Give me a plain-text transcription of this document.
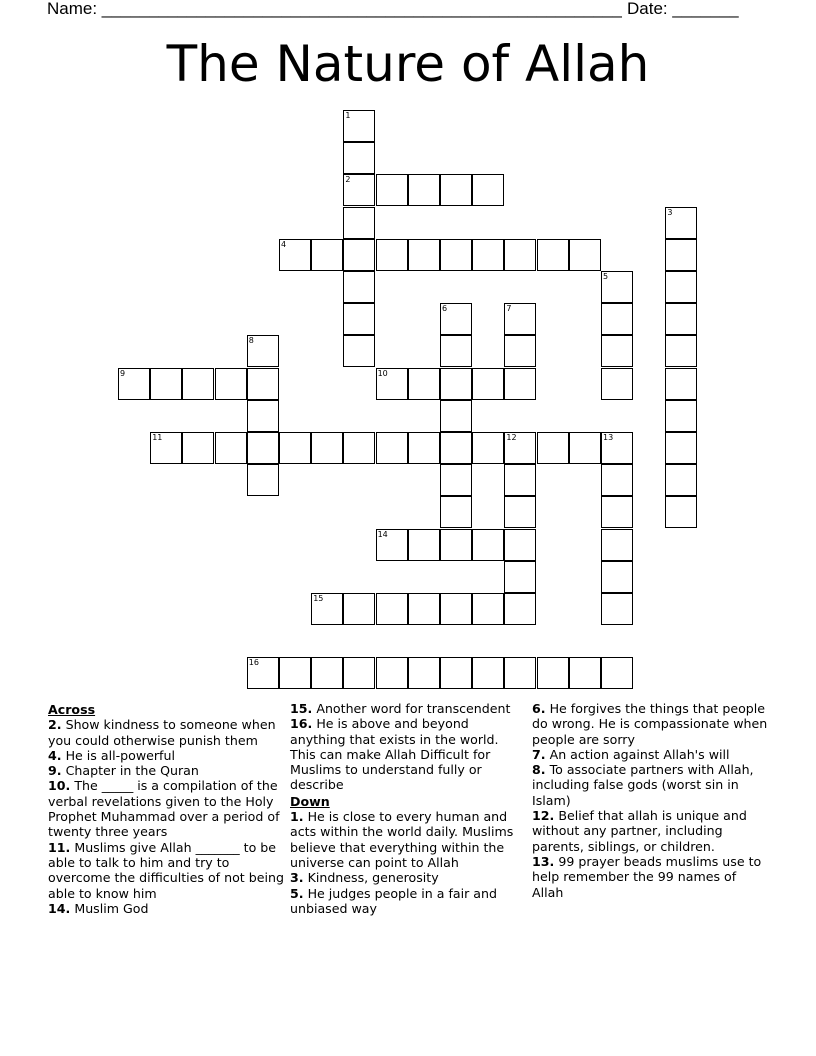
Name: _______________________________________________________ Date: _______
The Nature of Allah
1
2
3
4
5
6	7
8
9	10
11	12	13
14
15
16
Across
2. Show kindness to someone when you could otherwise punish them
4. He is all-powerful
9. Chapter in the Quran
10. The _____ is a compilation of the verbal revelations given to the Holy Prophet Muhammad over a period of twenty three years
11. Muslims give Allah _______ to be able to talk to him and try to overcome the difficulties of not being able to know him
14. Muslim God
15. Another word for transcendent
16. He is above and beyond anything that exists in the world. This can make Allah Difficult for Muslims to understand fully or describe
Down
1. He is close to every human and acts within the world daily. Muslims believe that everything within the universe can point to Allah
3. Kindness, generosity
5. He judges people in a fair and unbiased way
6. He forgives the things that people do wrong. He is compassionate when people are sorry
7. An action against Allah's will
8. To associate partners with Allah, including false gods (worst sin in Islam)
12. Belief that allah is unique and without any partner, including parents, siblings, or children.
13. 99 prayer beads muslims use to help remember the 99 names of Allah
